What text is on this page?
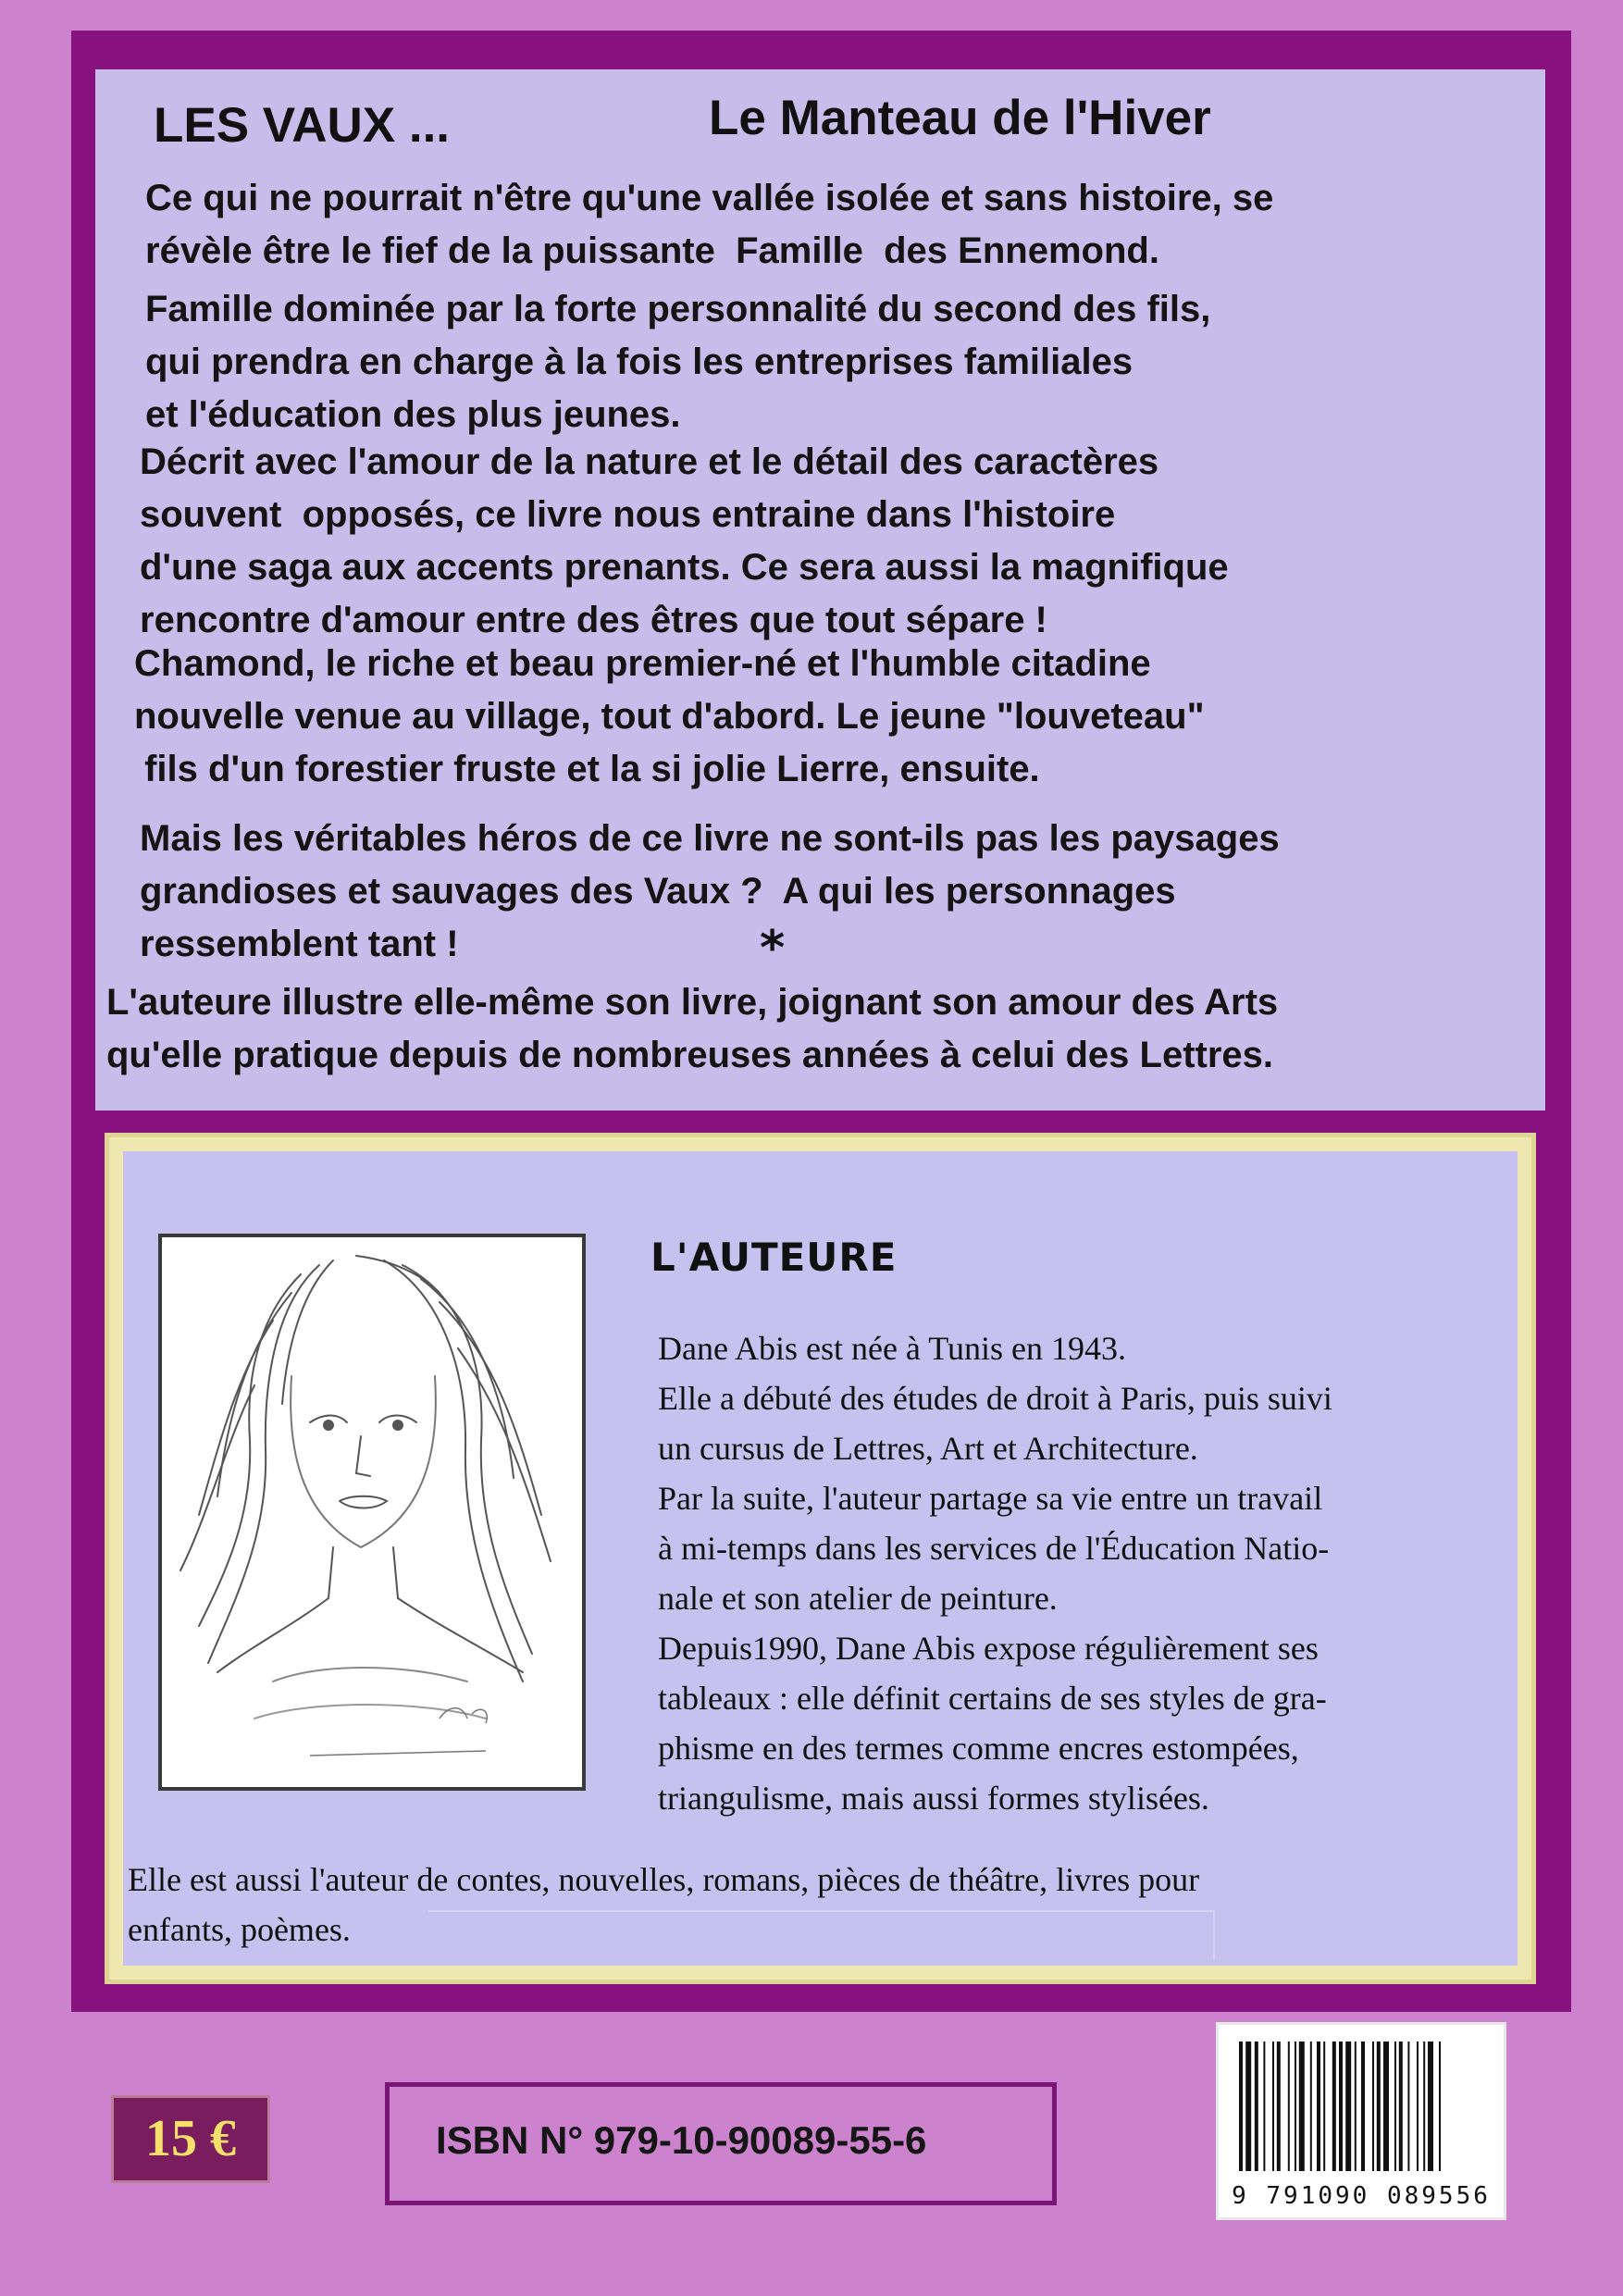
LES VAUX ...	Le Manteau de l'Hiver

Ce qui ne pourrait n'être qu'une vallée isolée et sans histoire, se
révèle être le fief de la puissante  Famille  des Ennemond.

Famille dominée par la forte personnalité du second des fils,
qui prendra en charge à la fois les entreprises familiales
et l'éducation des plus jeunes.

Décrit avec l'amour de la nature et le détail des caractères
souvent  opposés, ce livre nous entraine dans l'histoire
d'une saga aux accents prenants. Ce sera aussi la magnifique
rencontre d'amour entre des êtres que tout sépare !

Chamond, le riche et beau premier-né et l'humble citadine
nouvelle venue au village, tout d'abord. Le jeune "louveteau"
fils d'un forestier fruste et la si jolie Lierre, ensuite.

Mais les véritables héros de ce livre ne sont-ils pas les paysages
grandioses et sauvages des Vaux ?  A qui les personnages
ressemblent tant !	*

L'auteure illustre elle-même son livre, joignant son amour des Arts
qu'elle pratique depuis de nombreuses années à celui des Lettres.

L'AUTEURE

Dane Abis est née à Tunis en 1943.
Elle a débuté des études de droit à Paris, puis suivi
un cursus de Lettres, Art et Architecture.
Par la suite, l'auteur partage sa vie entre un travail
à mi-temps dans les services de l'Éducation Natio-
nale et son atelier de peinture.
Depuis1990, Dane Abis expose régulièrement ses
tableaux : elle définit certains de ses styles de gra-
phisme en des termes comme encres estompées,
triangulisme, mais aussi formes stylisées.

Elle est aussi l'auteur de contes, nouvelles, romans, pièces de théâtre, livres pour
enfants, poèmes.

15 €	ISBN N° 979-10-90089-55-6
9 791090 089556
